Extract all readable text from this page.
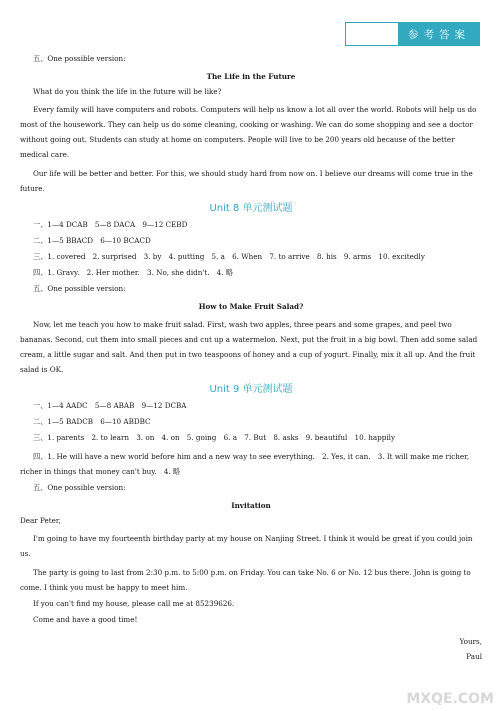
参考答案

五、One possible version:

The Life in the Future

What do you think the life in the future will be like?

Every family will have computers and robots. Computers will help us know a lot all over the world. Robots will help us do most of the housework. They can help us do some cleaning, cooking or washing. We can do some shopping and see a doctor without going out. Students can study at home on computers. People will live to be 200 years old because of the better medical care.

Our life will be better and better. For this, we should study hard from now on. I believe our dreams will come true in the future.

Unit 8 单元测试题

一、1—4 DCAB　5—8 DACA　9—12 CEBD

二、1—5 BBACD　6—10 BCACD

三、1. covered　2. surprised　3. by　4. putting　5. a　6. When　7. to arrive　8. his　9. arms　10. excitedly

四、1. Gravy.　2. Her mother.　3. No, she didn't.　4. 略

五、One possible version:

How to Make Fruit Salad?

Now, let me teach you how to make fruit salad. First, wash two apples, three pears and some grapes, and peel two bananas. Second, cut them into small pieces and cut up a watermelon. Next, put the fruit in a big bowl. Then add some salad cream, a little sugar and salt. And then put in two teaspoons of honey and a cup of yogurt. Finally, mix it all up. And the fruit salad is OK.

Unit 9 单元测试题

一、1—4 AADC　5—8 ABAB　9—12 DCBA

二、1—5 BADCB　6—10 ABDBC

三、1. parents　2. to learn　3. on　4. on　5. going　6. a　7. But　8. asks　9. beautiful　10. happily

四、1. He will have a new world before him and a new way to see everything.　2. Yes, it can.　3. It will make me richer, richer in things that money can't buy.　4. 略

五、One possible version:

Invitation

Dear Peter,

I'm going to have my fourteenth birthday party at my house on Nanjing Street. I think it would be great if you could join us.

The party is going to last from 2:30 p.m. to 5:00 p.m. on Friday. You can take No. 6 or No. 12 bus there. John is going to come. I think you must be happy to meet him.

If you can't find my house, please call me at 85239626.

Come and have a good time!

Yours,

Paul

MXQE.COM
